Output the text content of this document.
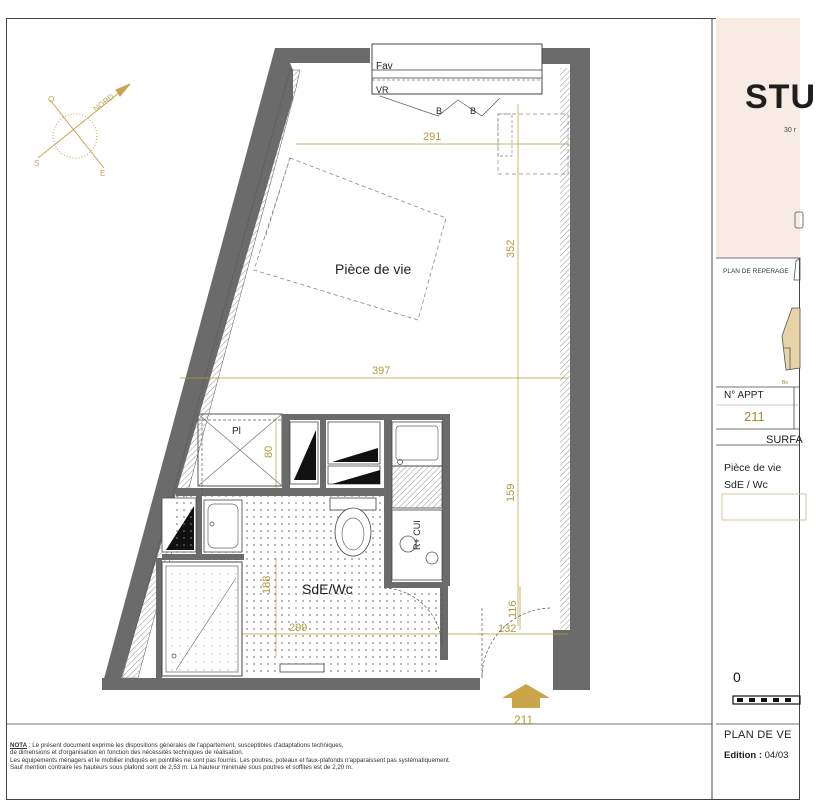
Bo
STU
30 r
PLAN DE REPERAGE
N° APPT
211
SURFA
Pièce de vie
SdE / Wc
0
PLAN DE VE
Edition : 04/03
Fav
VR
B	B
Pièce de vie
291
352
397
80
159
116
132
Pl
R+ CUI
SdE/Wc
211
NORD
O
S
E
NOTA : Le présent document exprime les dispositions générales de l'appartement, susceptibles d'adaptations techniques,
de dimensions et d'organisation en fonction des nécessités techniques de réalisation.
Les équipements ménagers et le mobilier indiqués en pointillés ne sont pas fournis. Les poutres, poteaux et faux-plafonds n'apparaissent pas systématiquement.
Sauf mention contraire les hauteurs sous plafond sont de 2,53 m. La hauteur minimale sous poutres et soffites est de 2,20 m.
